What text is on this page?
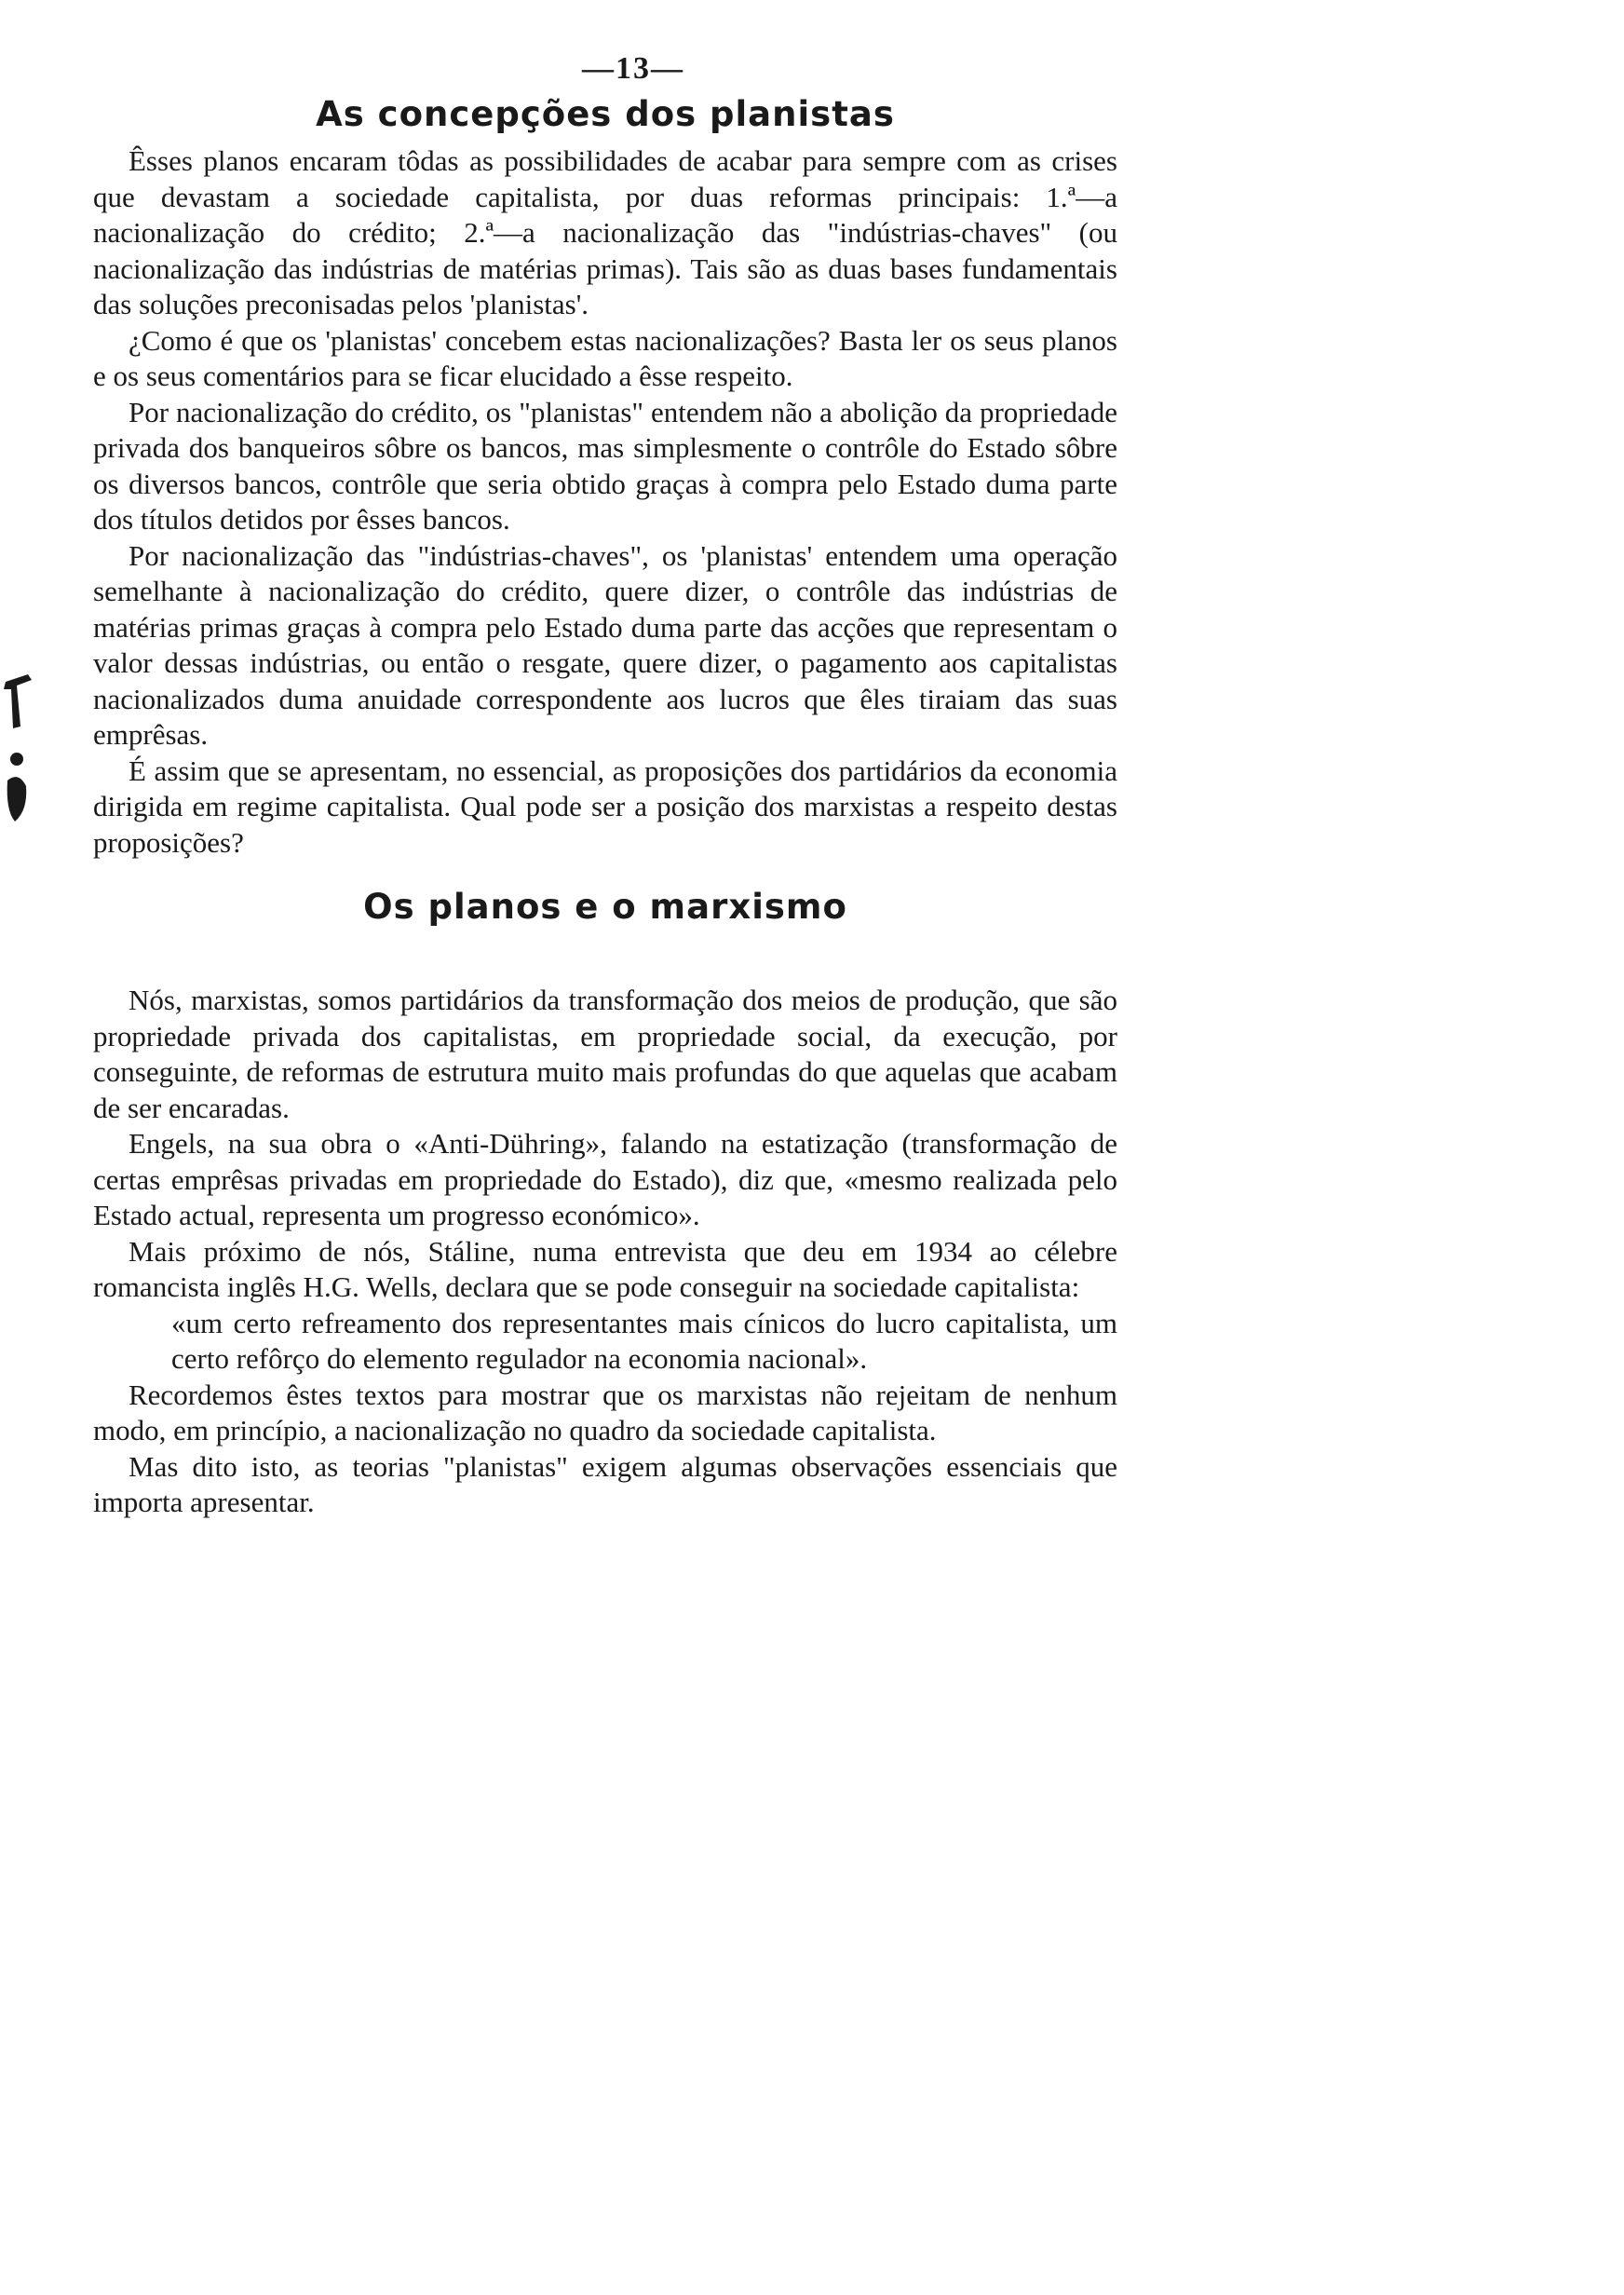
—13—
As concepções dos planistas

Êsses planos encaram tôdas as possibilidades de acabar para sempre com as crises que devastam a sociedade capitalista, por duas reformas principais: 1.ª—a nacionalização do crédito; 2.ª—a nacionalização das "indústrias-chaves" (ou nacionalização das indústrias de matérias primas). Tais são as duas bases fundamentais das soluções preconisadas pelos 'planistas'.

¿Como é que os 'planistas' concebem estas nacionalizações? Basta ler os seus planos e os seus comentários para se ficar elucidado a êsse respeito.

Por nacionalização do crédito, os "planistas" entendem não a abolição da propriedade privada dos banqueiros sôbre os bancos, mas simplesmente o contrôle do Estado sôbre os diversos bancos, contrôle que seria obtido graças à compra pelo Estado duma parte dos títulos detidos por êsses bancos.

Por nacionalização das "indústrias-chaves", os 'planistas' entendem uma operação semelhante à nacionalização do crédito, quere dizer, o contrôle das indústrias de matérias primas graças à compra pelo Estado duma parte das acções que representam o valor dessas indústrias, ou então o resgate, quere dizer, o pagamento aos capitalistas nacionalizados duma anuidade correspondente aos lucros que êles tiraiam das suas emprêsas.

É assim que se apresentam, no essencial, as proposições dos partidários da economia dirigida em regime capitalista. Qual pode ser a posição dos marxistas a respeito destas proposições?

Os planos e o marxismo

Nós, marxistas, somos partidários da transformação dos meios de produção, que são propriedade privada dos capitalistas, em propriedade social, da execução, por conseguinte, de reformas de estrutura muito mais profundas do que aquelas que acabam de ser encaradas.

Engels, na sua obra o «Anti-Dühring», falando na estatização (transformação de certas emprêsas privadas em propriedade do Estado), diz que, «mesmo realizada pelo Estado actual, representa um progresso económico».

Mais próximo de nós, Stáline, numa entrevista que deu em 1934 ao célebre romancista inglês H.G. Wells, declara que se pode conseguir na sociedade capitalista:

«um certo refreamento dos representantes mais cínicos do lucro capitalista, um certo refôrço do elemento regulador na economia nacional».

Recordemos êstes textos para mostrar que os marxistas não rejeitam de nenhum modo, em princípio, a nacionalização no quadro da sociedade capitalista.

Mas dito isto, as teorias "planistas" exigem algumas observações essenciais que importa apresentar.
